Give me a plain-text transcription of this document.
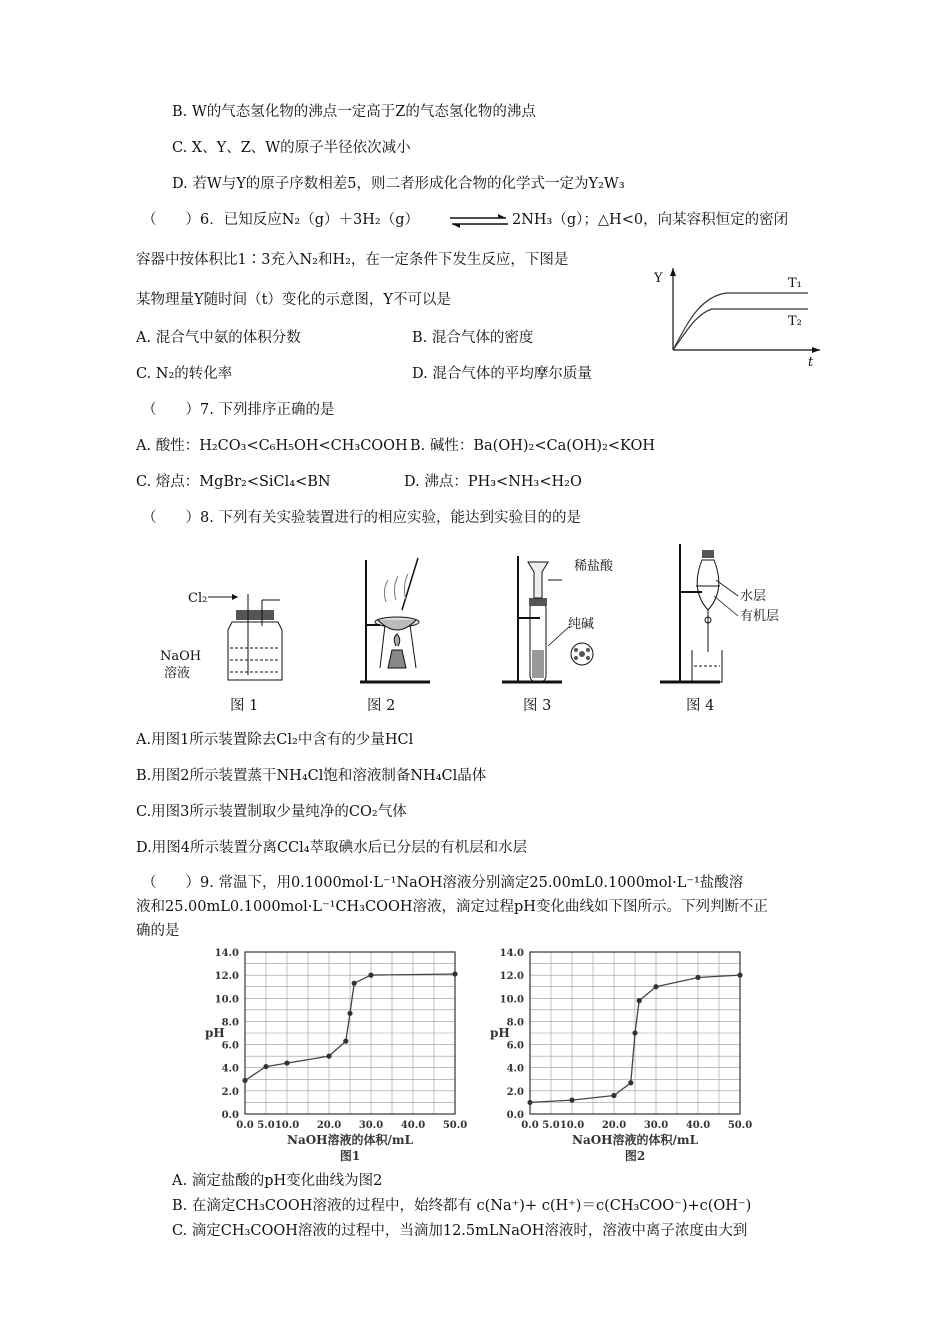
B. W的气态氢化物的沸点一定高于Z的气态氢化物的沸点
C. X、Y、Z、W的原子半径依次减小
D. 若W与Y的原子序数相差5，则二者形成化合物的化学式一定为Y₂W₃
（　　）6．已知反应N₂（g）＋3H₂（g）	2NH₃（g）；△H<0，向某容积恒定的密闭
容器中按体积比1∶3充入N₂和H₂，在一定条件下发生反应，下图是
某物理量Y随时间（t）变化的示意图，Y不可以是
A. 混合气中氨的体积分数	B. 混合气体的密度
C. N₂的转化率	D. 混合气体的平均摩尔质量
Y
t
T₁
T₂
（　　）7. 下列排序正确的是
A. 酸性：H₂CO₃<C₆H₅OH<CH₃COOH B. 碱性：Ba(OH)₂<Ca(OH)₂<KOH
C. 熔点：MgBr₂<SiCl₄<BN	D. 沸点：PH₃<NH₃<H₂O
（　　）8. 下列有关实验装置进行的相应实验，能达到实验目的的是
Cl₂
NaOH
溶液
图 1	图 2
稀盐酸
纯碱
图 3
水层
有机层
图 4
A.用图1所示装置除去Cl₂中含有的少量HCl
B.用图2所示装置蒸干NH₄Cl饱和溶液制备NH₄Cl晶体
C.用图3所示装置制取少量纯净的CO₂气体
D.用图4所示装置分离CCl₄萃取碘水后已分层的有机层和水层
（　　）9. 常温下，用0.1000mol·L⁻¹NaOH溶液分别滴定25.00mL0.1000mol·L⁻¹盐酸溶
液和25.00mL0.1000mol·L⁻¹CH₃COOH溶液，滴定过程pH变化曲线如下图所示。下列判断不正
确的是
0.0
2.0
4.0
6.0
8.0
10.0
12.0
14.0
0.0 5.0 10.0 20.0 30.0 40.0 50.0
pH
NaOH溶液的体积/mL
图1
0.0
2.0
4.0
6.0
8.0
10.0
12.0
14.0
0.0 5.0 10.0 20.0 30.0 40.0 50.0
pH
NaOH溶液的体积/mL
图2
A. 滴定盐酸的pH变化曲线为图2
B. 在滴定CH₃COOH溶液的过程中，始终都有 c(Na⁺)+ c(H⁺)＝c(CH₃COO⁻)+c(OH⁻)
C. 滴定CH₃COOH溶液的过程中，当滴加12.5mLNaOH溶液时，溶液中离子浓度由大到
